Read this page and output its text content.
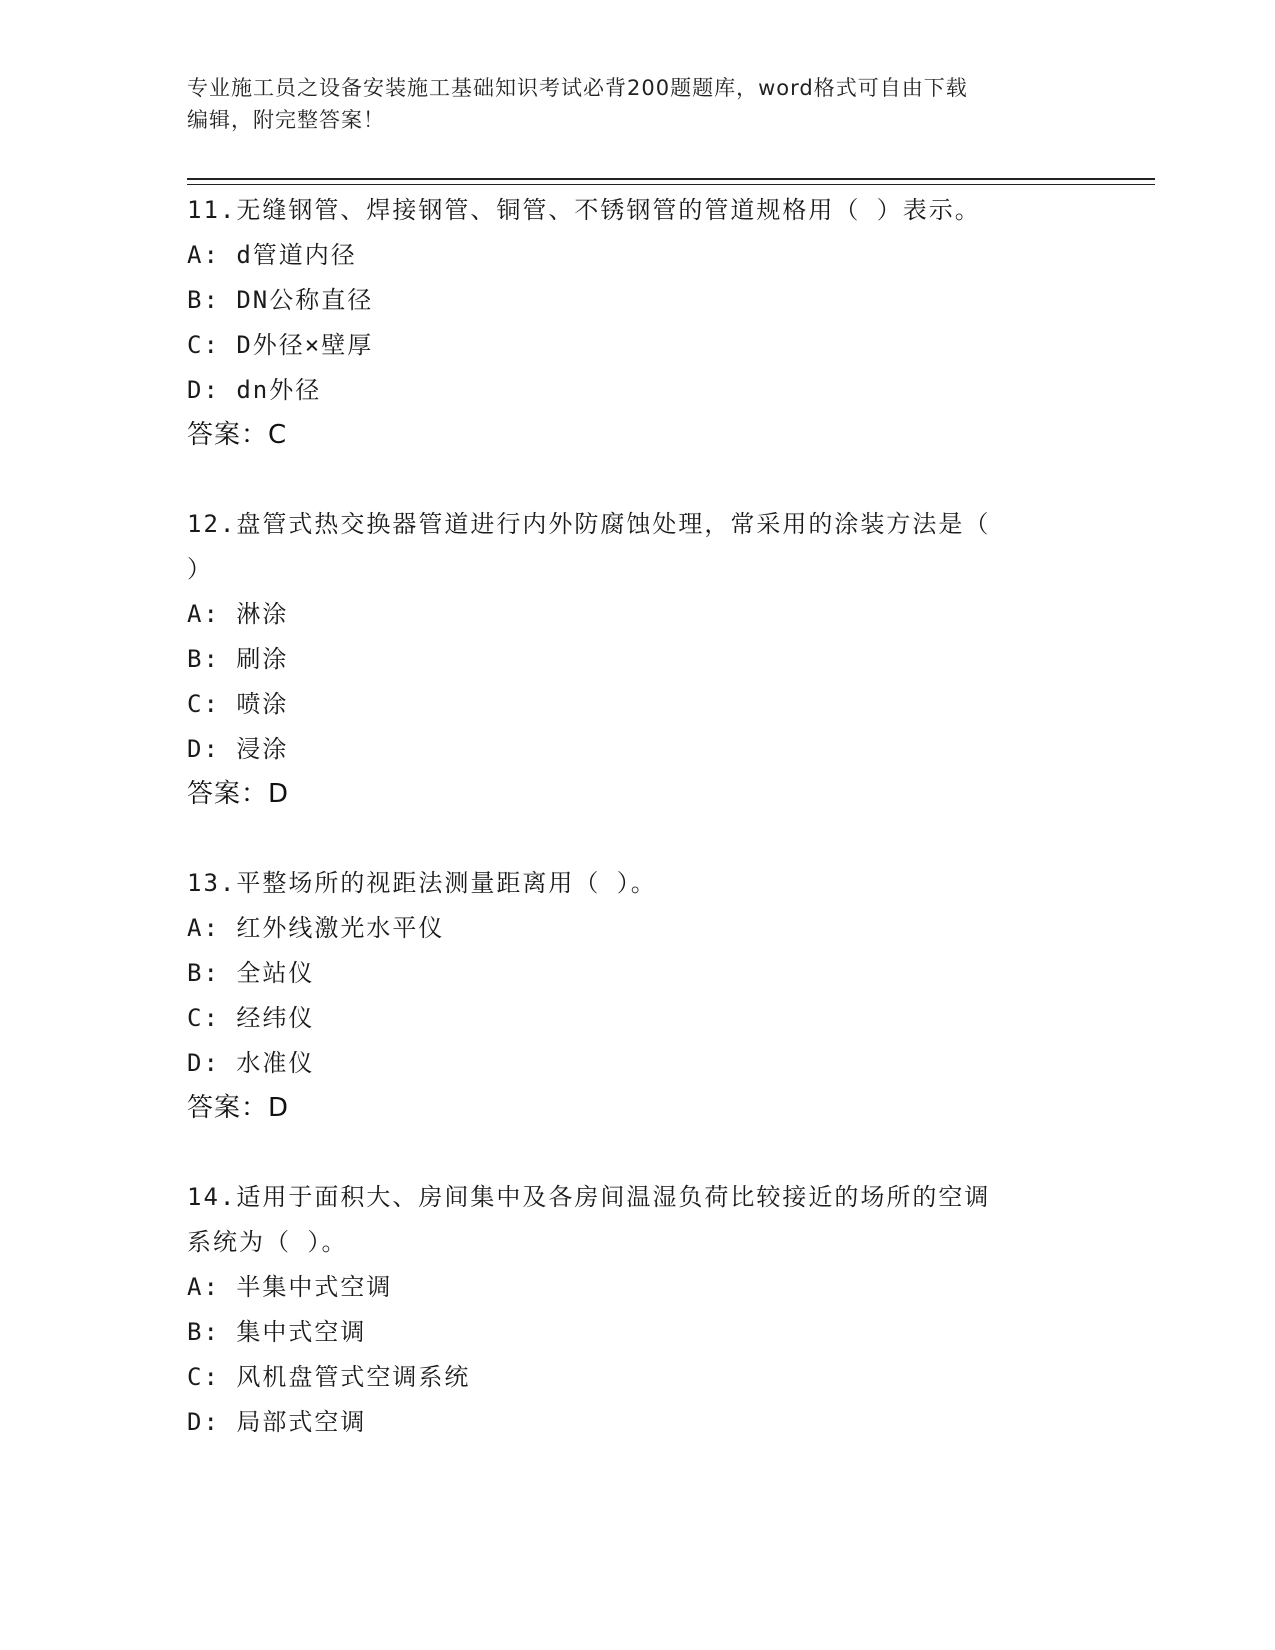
专业施工员之设备安装施工基础知识考试必背200题题库，word格式可自由下载
编辑，附完整答案！

11.无缝钢管、焊接钢管、铜管、不锈钢管的管道规格用（ ）表示。

A: d管道内径

B: DN公称直径

C: D外径×壁厚

D: dn外径

答案：C

12.盘管式热交换器管道进行内外防腐蚀处理，常采用的涂装方法是（

）

A: 淋涂

B: 刷涂

C: 喷涂

D: 浸涂

答案：D

13.平整场所的视距法测量距离用（ ）。

A: 红外线激光水平仪

B: 全站仪

C: 经纬仪

D: 水准仪

答案：D

14.适用于面积大、房间集中及各房间温湿负荷比较接近的场所的空调

系统为（ ）。

A: 半集中式空调

B: 集中式空调

C: 风机盘管式空调系统

D: 局部式空调
